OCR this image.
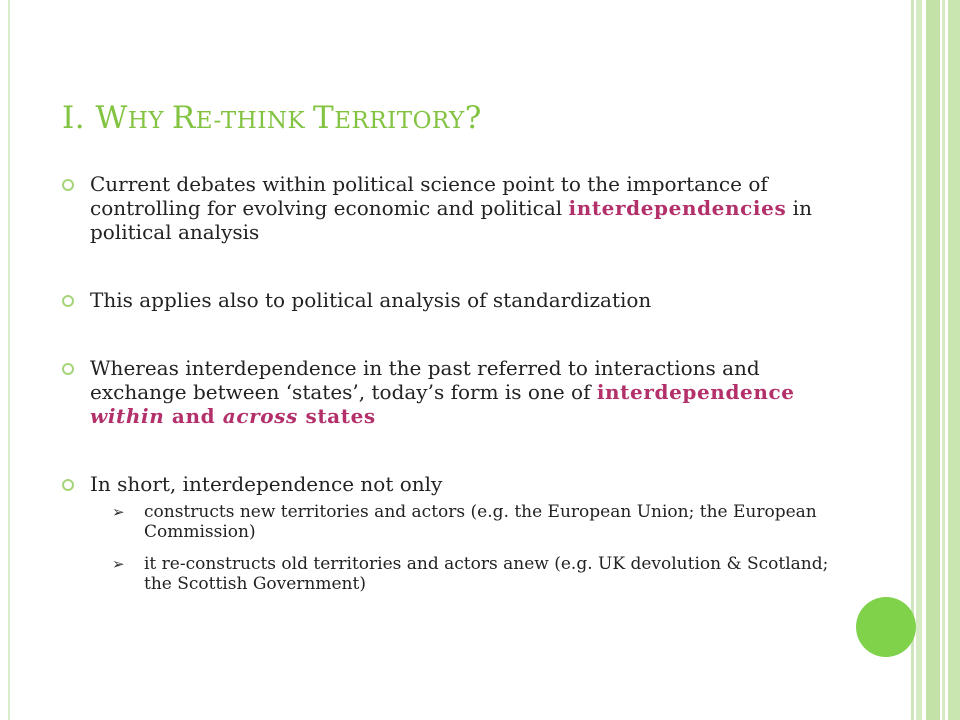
I. WHY RE-THINK TERRITORY?
Current debates within political science point to the importance of controlling for evolving economic and political interdependencies in political analysis
This applies also to political analysis of standardization
Whereas interdependence in the past referred to interactions and exchange between ‘states’, today’s form is one of interdependence within and across states
In short, interdependence not only
➢ constructs new territories and actors (e.g. the European Union; the European Commission)
➢ it re-constructs old territories and actors anew (e.g. UK devolution & Scotland; the Scottish Government)
